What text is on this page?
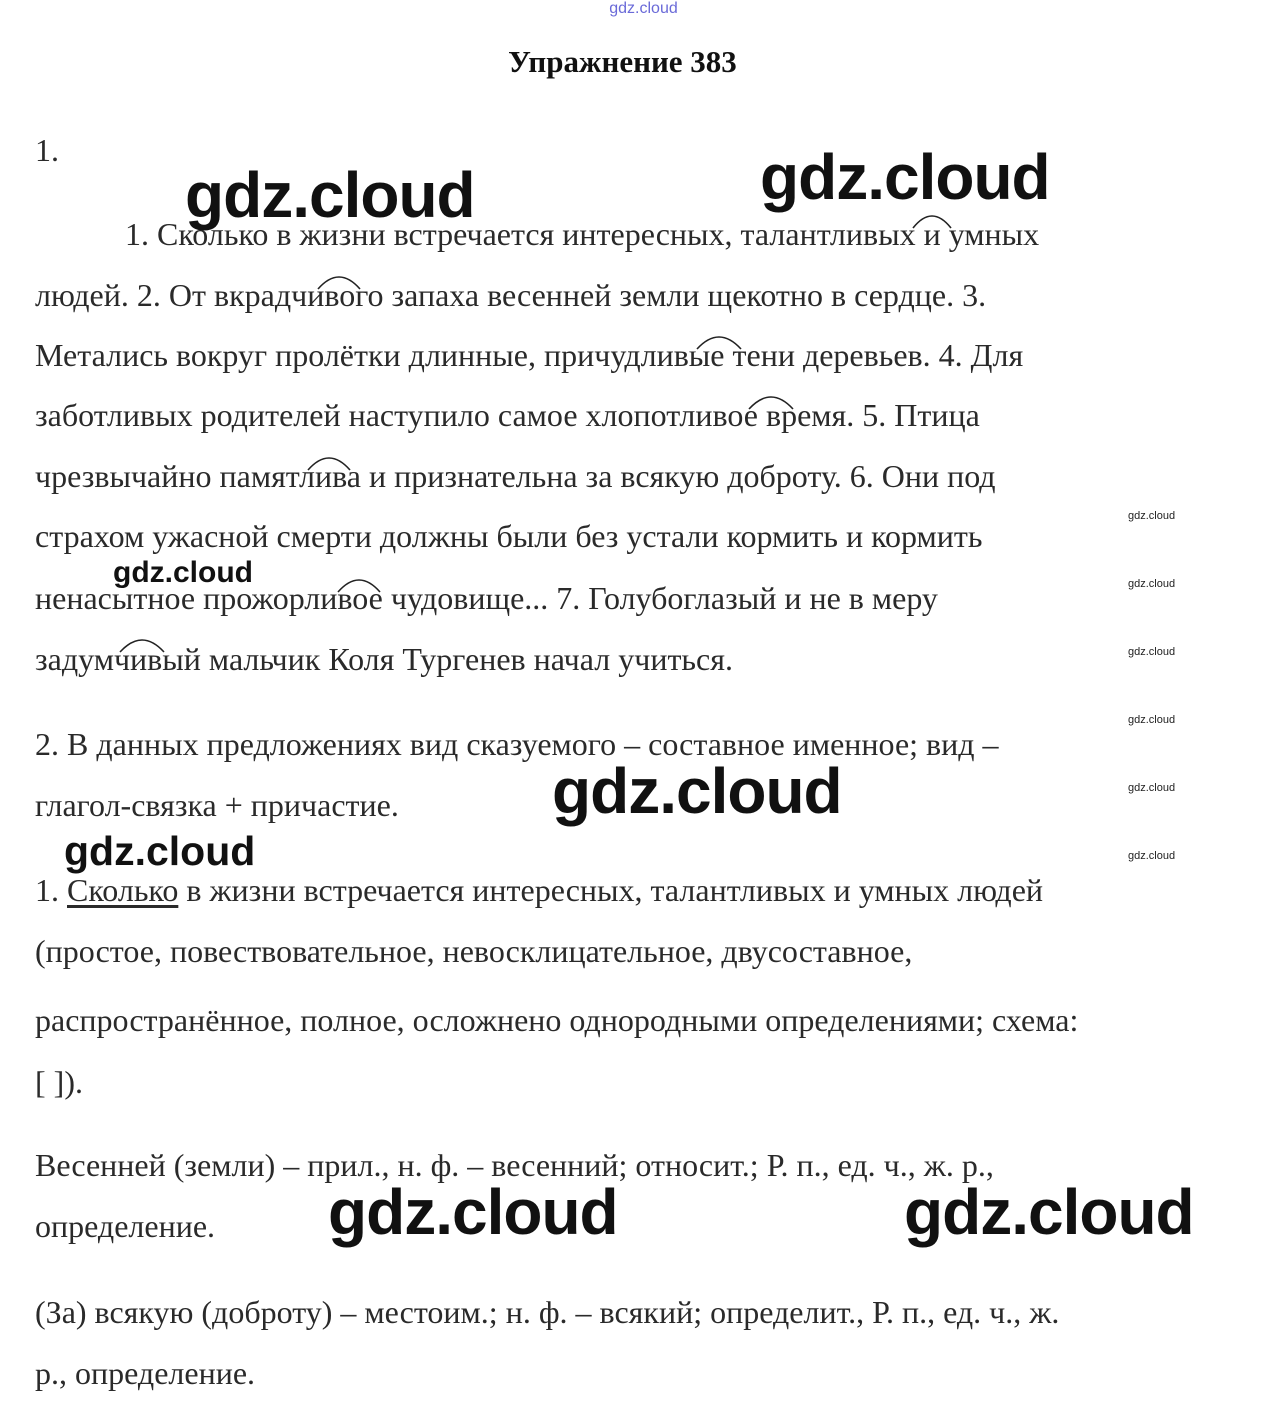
gdz.cloud
Упражнение 383
1.
1. Сколько в жизни встречается интересных, талантливых и умных
людей. 2. От вкрадчивого запаха весенней земли щекотно в сердце. 3.
Метались вокруг пролётки длинные, причудливые тени деревьев. 4. Для
заботливых родителей наступило самое хлопотливое время. 5. Птица
чрезвычайно памятлива и признательна за всякую доброту. 6. Они под
страхом ужасной смерти должны были без устали кормить и кормить
ненасытное прожорливое чудовище... 7. Голубоглазый и не в меру
задумчивый мальчик Коля Тургенев начал учиться.
2. В данных предложениях вид сказуемого – составное именное; вид –
глагол-связка + причастие.
1. Сколько в жизни встречается интересных, талантливых и умных людей
(простое, повествовательное, невосклицательное, двусоставное,
распространённое, полное, осложнено однородными определениями; схема:
[ ]).
Весенней (земли) – прил., н. ф. – весенний; относит.; Р. п., ед. ч., ж. р.,
определение.
(За) всякую (доброту) – местоим.; н. ф. – всякий; определит., Р. п., ед. ч., ж.
р., определение.
gdz.cloud	gdz.cloud
gdz.cloud
gdz.cloud
gdz.cloud
gdz.cloud	gdz.cloud
gdz.cloud
gdz.cloud
gdz.cloud
gdz.cloud
gdz.cloud
gdz.cloud
